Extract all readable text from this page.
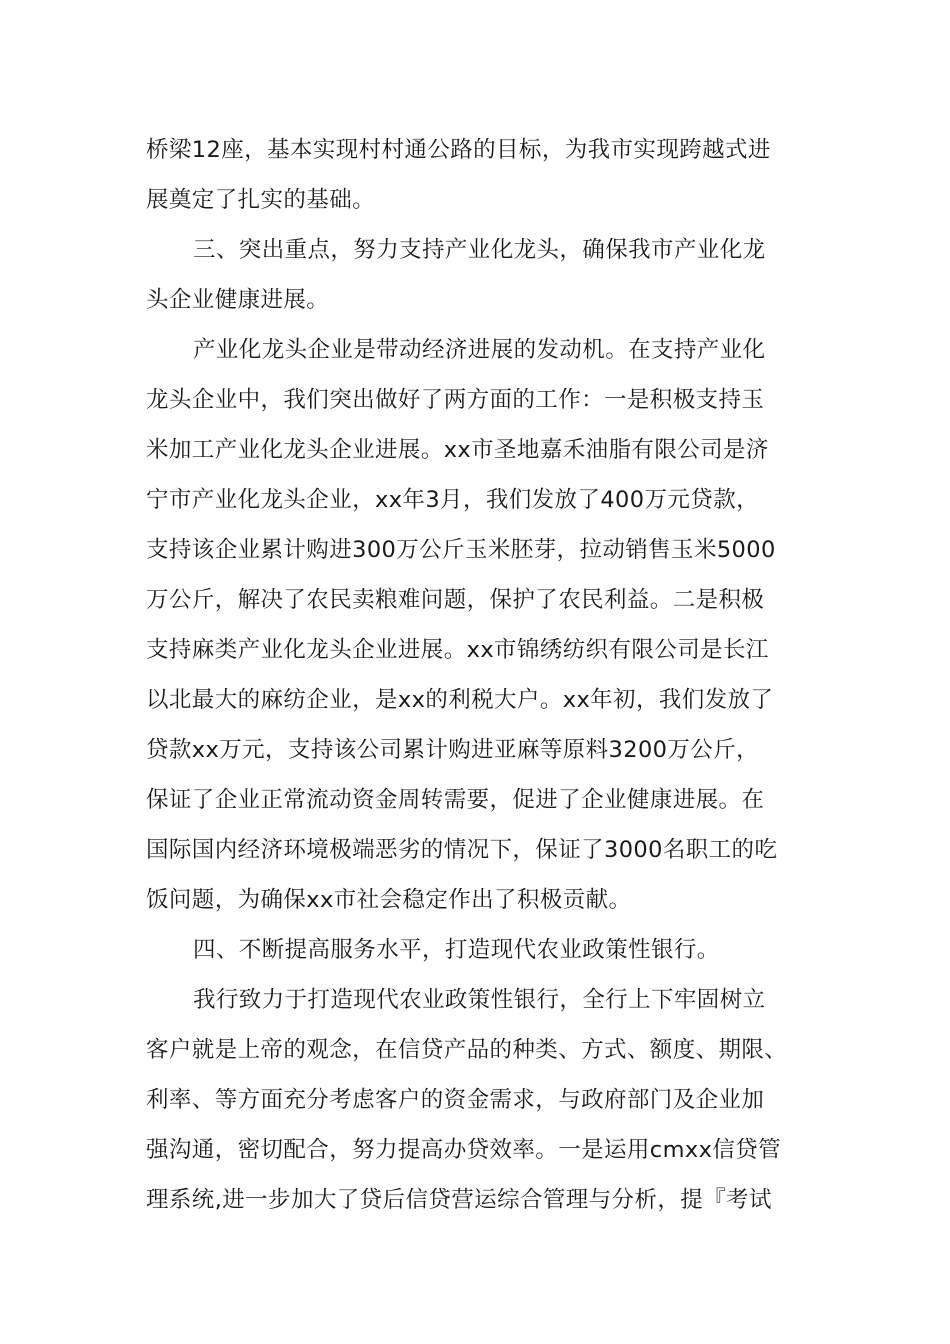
桥梁12座，基本实现村村通公路的目标，为我市实现跨越式进

展奠定了扎实的基础。

三、突出重点，努力支持产业化龙头，确保我市产业化龙

头企业健康进展。

产业化龙头企业是带动经济进展的发动机。在支持产业化

龙头企业中，我们突出做好了两方面的工作：一是积极支持玉

米加工产业化龙头企业进展。xx市圣地嘉禾油脂有限公司是济

宁市产业化龙头企业，xx年3月，我们发放了400万元贷款，

支持该企业累计购进300万公斤玉米胚芽，拉动销售玉米5000

万公斤，解决了农民卖粮难问题，保护了农民利益。二是积极

支持麻类产业化龙头企业进展。xx市锦绣纺织有限公司是长江

以北最大的麻纺企业，是xx的利税大户。xx年初，我们发放了

贷款xx万元，支持该公司累计购进亚麻等原料3200万公斤，

保证了企业正常流动资金周转需要，促进了企业健康进展。在

国际国内经济环境极端恶劣的情况下，保证了3000名职工的吃

饭问题，为确保xx市社会稳定作出了积极贡献。

四、不断提高服务水平，打造现代农业政策性银行。

我行致力于打造现代农业政策性银行，全行上下牢固树立

客户就是上帝的观念，在信贷产品的种类、方式、额度、期限、

利率、等方面充分考虑客户的资金需求，与政府部门及企业加

强沟通，密切配合，努力提高办贷效率。一是运用cmxx信贷管

理系统,进一步加大了贷后信贷营运综合管理与分析，提『考试
